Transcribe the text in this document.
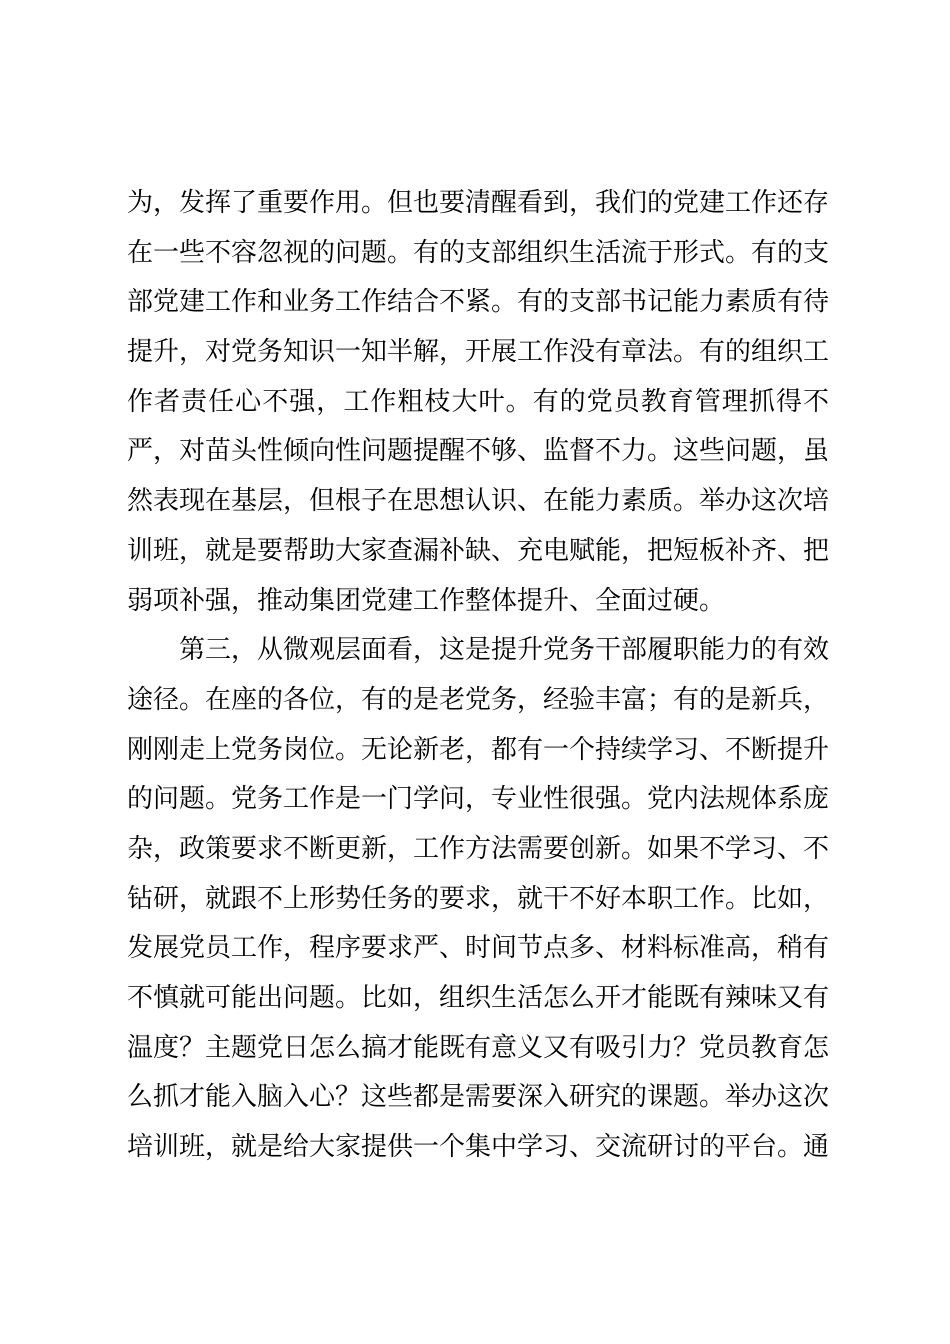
为，发挥了重要作用。但也要清醒看到，我们的党建工作还存
在一些不容忽视的问题。有的支部组织生活流于形式。有的支
部党建工作和业务工作结合不紧。有的支部书记能力素质有待
提升，对党务知识一知半解，开展工作没有章法。有的组织工
作者责任心不强，工作粗枝大叶。有的党员教育管理抓得不
严，对苗头性倾向性问题提醒不够、监督不力。这些问题，虽
然表现在基层，但根子在思想认识、在能力素质。举办这次培
训班，就是要帮助大家查漏补缺、充电赋能，把短板补齐、把
弱项补强，推动集团党建工作整体提升、全面过硬。
第三，从微观层面看，这是提升党务干部履职能力的有效
途径。在座的各位，有的是老党务，经验丰富；有的是新兵，
刚刚走上党务岗位。无论新老，都有一个持续学习、不断提升
的问题。党务工作是一门学问，专业性很强。党内法规体系庞
杂，政策要求不断更新，工作方法需要创新。如果不学习、不
钻研，就跟不上形势任务的要求，就干不好本职工作。比如，
发展党员工作，程序要求严、时间节点多、材料标准高，稍有
不慎就可能出问题。比如，组织生活怎么开才能既有辣味又有
温度？主题党日怎么搞才能既有意义又有吸引力？党员教育怎
么抓才能入脑入心？这些都是需要深入研究的课题。举办这次
培训班，就是给大家提供一个集中学习、交流研讨的平台。通
